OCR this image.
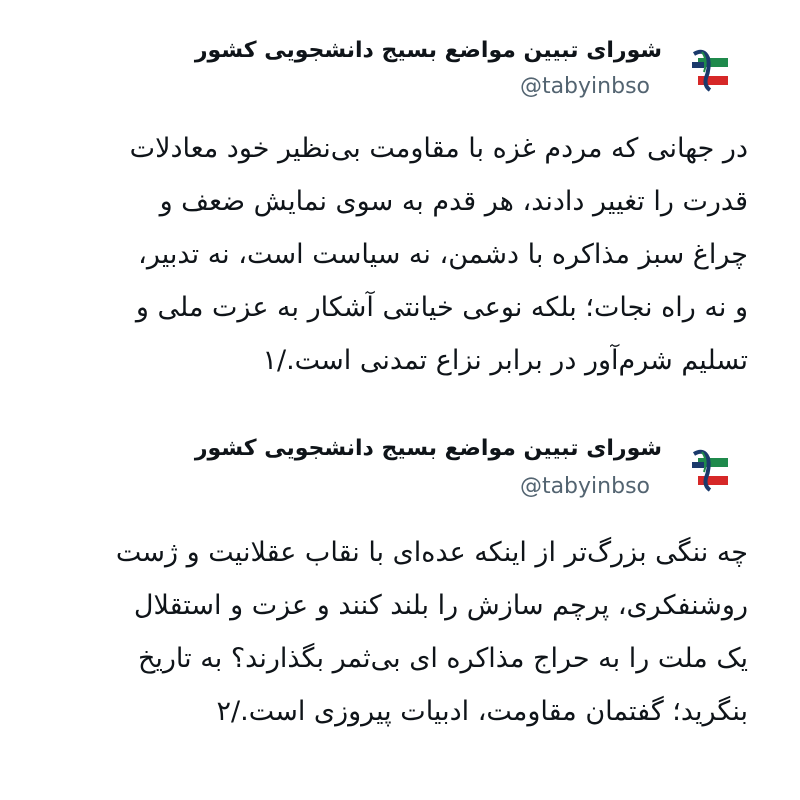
شورای تبیین مواضع بسیج دانشجویی کشور
@tabyinbso
در جهانی که مردم غزه با مقاومت بی‌نظیر خود معادلات
قدرت را تغییر دادند، هر قدم به سوی نمایش ضعف و
چراغ سبز مذاکره با دشمن، نه سیاست است، نه تدبیر،
و نه راه نجات؛ بلکه نوعی خیانتی آشکار به عزت ملی و
تسلیم شرم‌آور در برابر نزاع تمدنی است./۱
شورای تبیین مواضع بسیج دانشجویی کشور
@tabyinbso
چه ننگی بزرگ‌تر از اینکه عده‌ای با نقاب عقلانیت و ژست
روشنفکری، پرچم سازش را بلند کنند و عزت و استقلال
یک ملت را به حراج مذاکره ای بی‌ثمر بگذارند؟ به تاریخ
بنگرید؛ گفتمان مقاومت، ادبیات پیروزی است./۲
